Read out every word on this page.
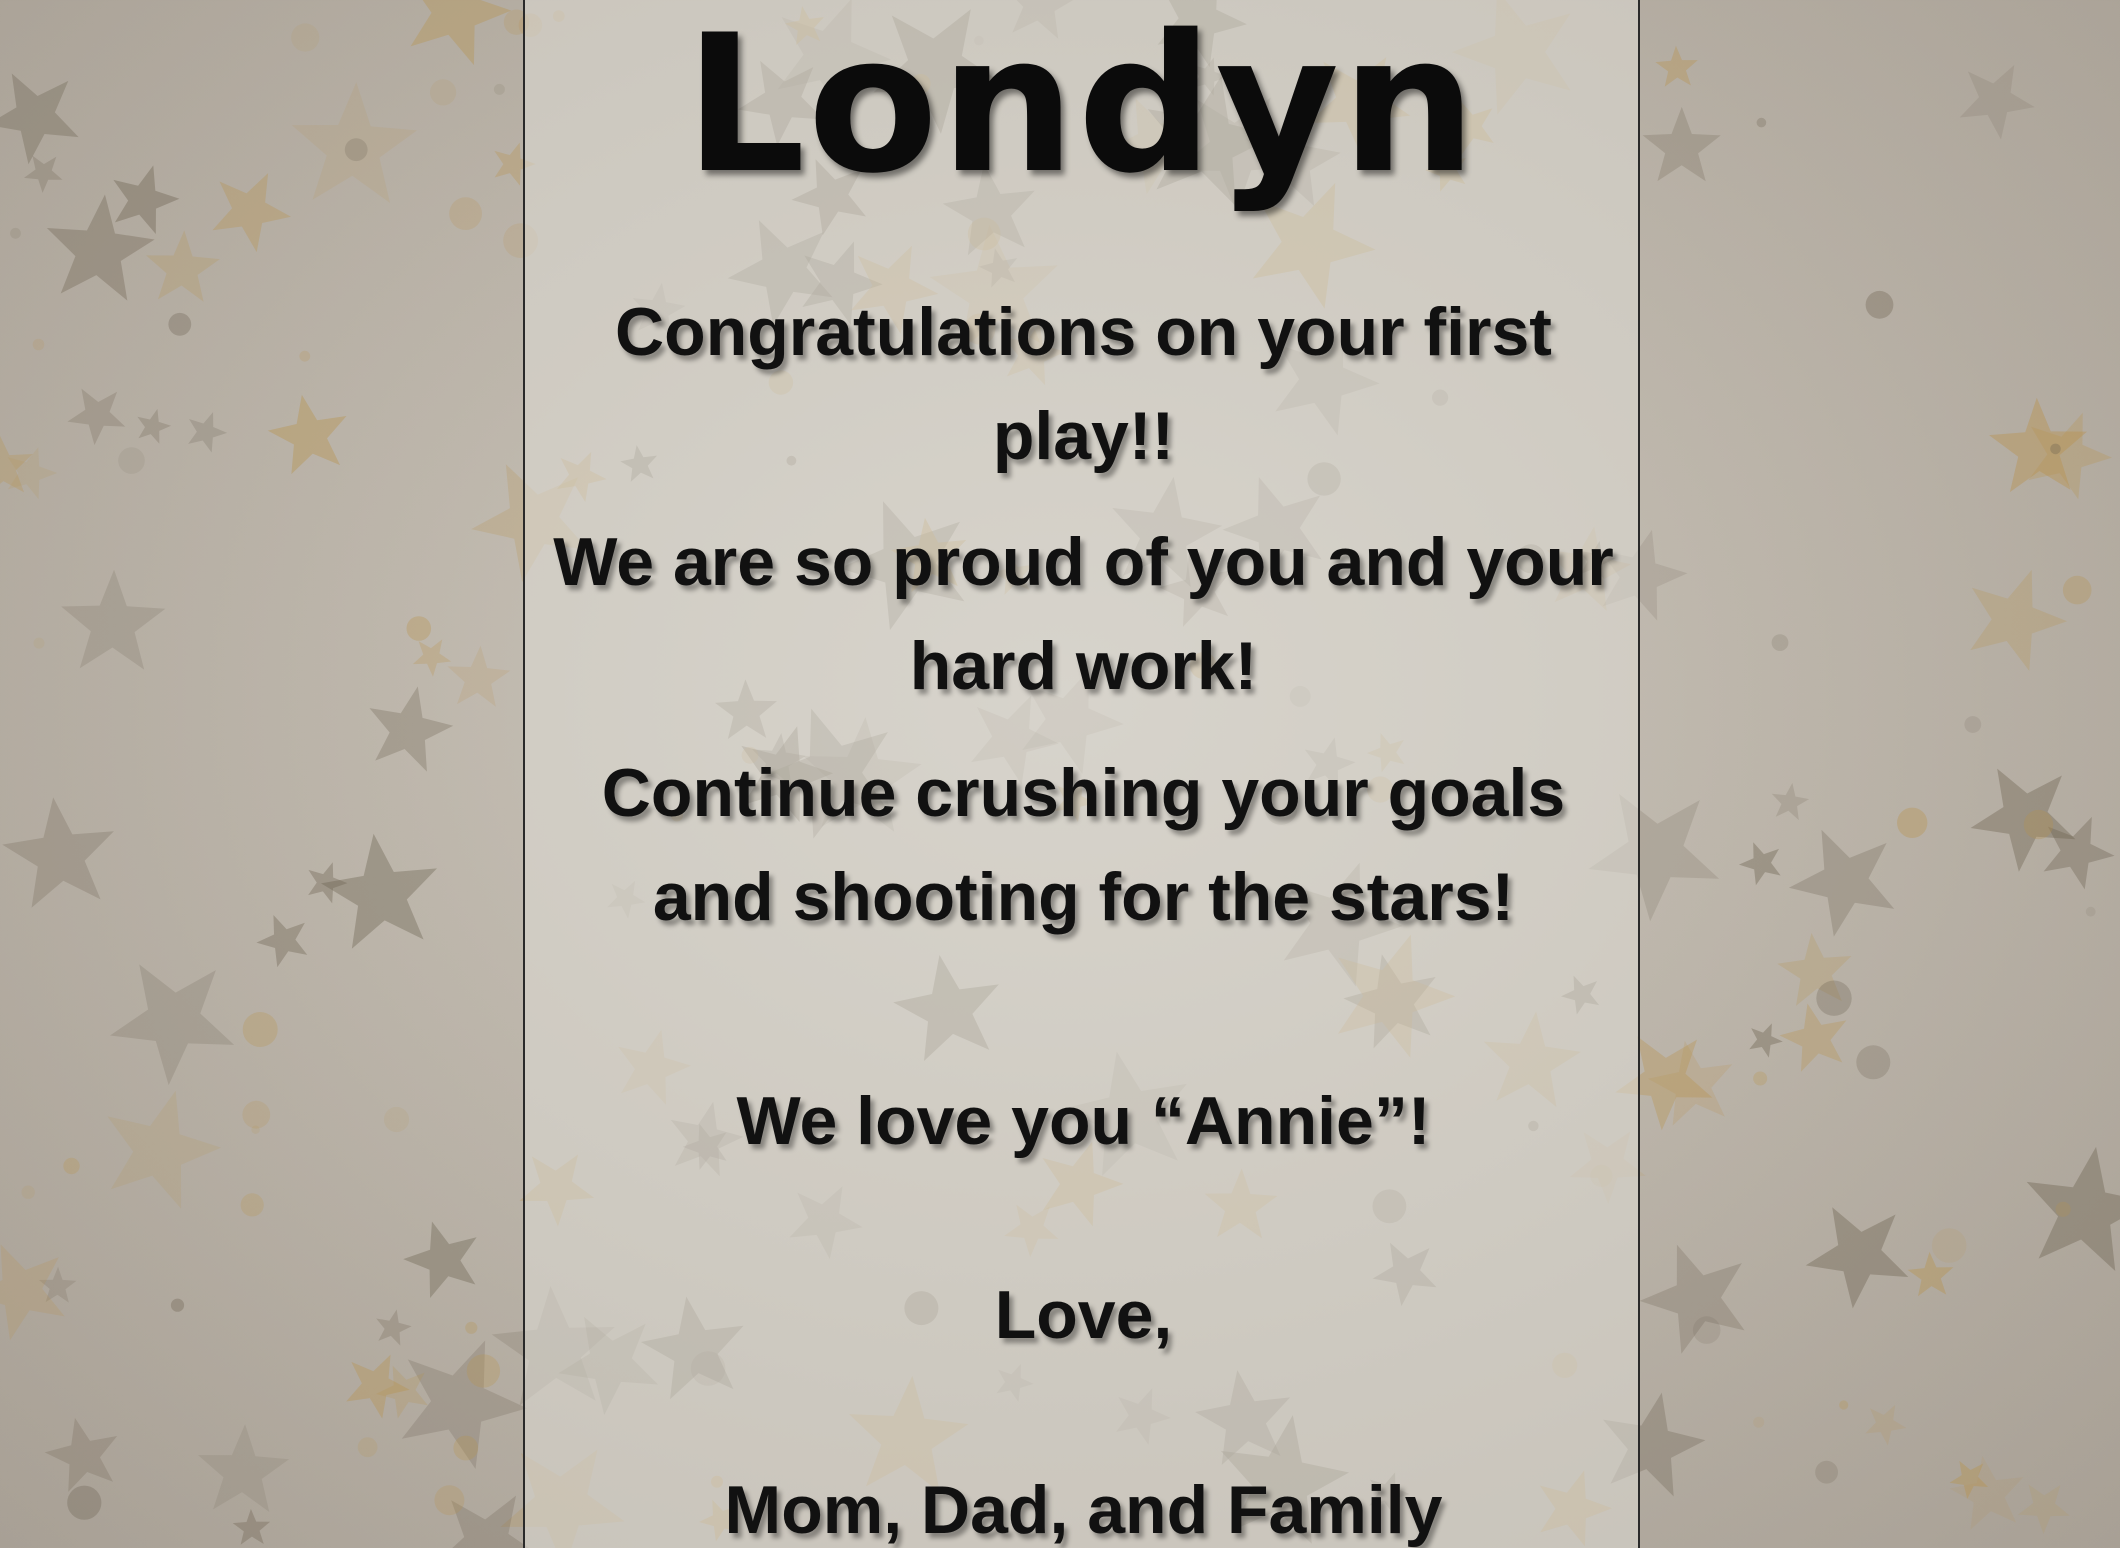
Londyn

Congratulations on your first play!!

We are so proud of you and your hard work!

Continue crushing your goals and shooting for the stars!

We love you “Annie”!

Love,

Mom, Dad, and Family
